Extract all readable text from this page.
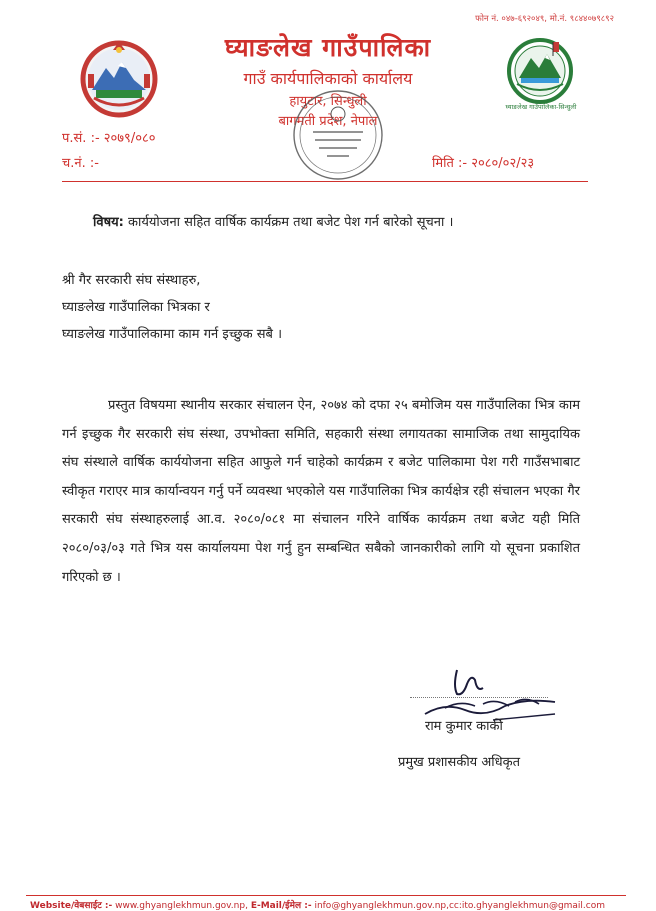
फोन नं. ०४७-६९२०४९, मो.नं. ९८४४०७९८९२
घ्याङलेख गाउँपालिका-सिन्धुली
घ्याङलेख गाउँपालिका
गाउँ कार्यपालिकाको कार्यालय
हायुटार, सिन्धुली
बागमती प्रदेश, नेपाल
प.सं. :- २०७९/०८०
च.नं. :-	मिति :- २०८०/०२/२३
विषय: कार्ययोजना सहित वार्षिक कार्यक्रम तथा बजेट पेश गर्न बारेको सूचना ।
श्री गैर सरकारी संघ संस्थाहरु,
घ्याङलेख गाउँपालिका भित्रका र
घ्याङलेख गाउँपालिकामा काम गर्न इच्छुक सबै ।
प्रस्तुत विषयमा स्थानीय सरकार संचालन ऐन, २०७४ को दफा २५ बमोजिम यस गाउँपालिका भित्र काम गर्न इच्छुक गैर सरकारी संघ संस्था, उपभोक्ता समिति, सहकारी संस्था लगायतका सामाजिक तथा सामुदायिक संघ संस्थाले वार्षिक कार्ययोजना सहित आफुले गर्न चाहेको कार्यक्रम र बजेट पालिकामा पेश गरी गाउँसभाबाट स्वीकृत गराएर मात्र कार्यान्वयन गर्नु पर्ने व्यवस्था भएकोले यस गाउँपालिका भित्र कार्यक्षेत्र रही संचालन भएका गैर सरकारी संघ संस्थाहरुलाई आ.व. २०८०/०८१ मा संचालन गरिने वार्षिक कार्यक्रम तथा बजेट यही मिति २०८०/०३/०३ गते भित्र यस कार्यालयमा पेश गर्नु हुन सम्बन्धित सबैको जानकारीको लागि यो सूचना प्रकाशित गरिएको छ ।
राम कुमार कार्की
प्रमुख प्रशासकीय अधिकृत
Website/वेबसाईट :- www.ghyanglekhmun.gov.np, E-Mail/ईमेल :- info@ghyanglekhmun.gov.np,cc:ito.ghyanglekhmun@gmail.com
